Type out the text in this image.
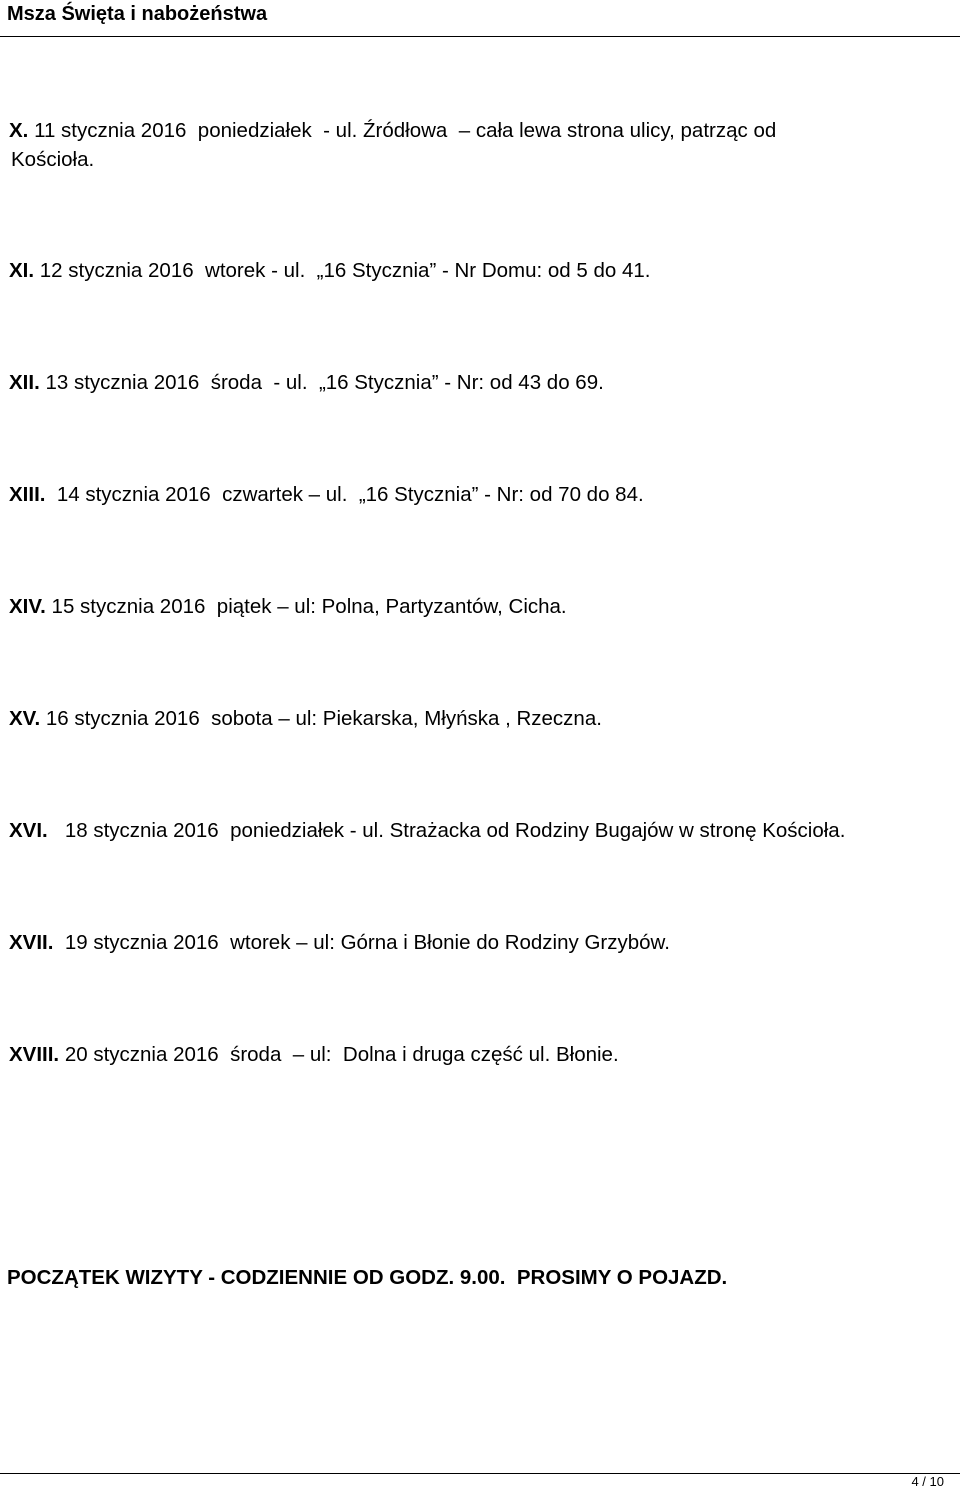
Msza Święta i nabożeństwa
X. 11 stycznia 2016  poniedziałek  - ul. Źródłowa  – cała lewa strona ulicy, patrząc od
Kościoła.
XI. 12 stycznia 2016  wtorek - ul.  „16 Stycznia” - Nr Domu: od 5 do 41.
XII. 13 stycznia 2016  środa  - ul.  „16 Stycznia” - Nr: od 43 do 69.
XIII.  14 stycznia 2016  czwartek – ul.  „16 Stycznia” - Nr: od 70 do 84.
XIV. 15 stycznia 2016  piątek – ul: Polna, Partyzantów, Cicha.
XV. 16 stycznia 2016  sobota – ul: Piekarska, Młyńska , Rzeczna.
XVI.   18 stycznia 2016  poniedziałek - ul. Strażacka od Rodziny Bugajów w stronę Kościoła.
XVII.  19 stycznia 2016  wtorek – ul: Górna i Błonie do Rodziny Grzybów.
XVIII. 20 stycznia 2016  środa  – ul:  Dolna i druga część ul. Błonie.
POCZĄTEK WIZYTY - CODZIENNIE OD GODZ. 9.00.  PROSIMY O POJAZD.
4 / 10
